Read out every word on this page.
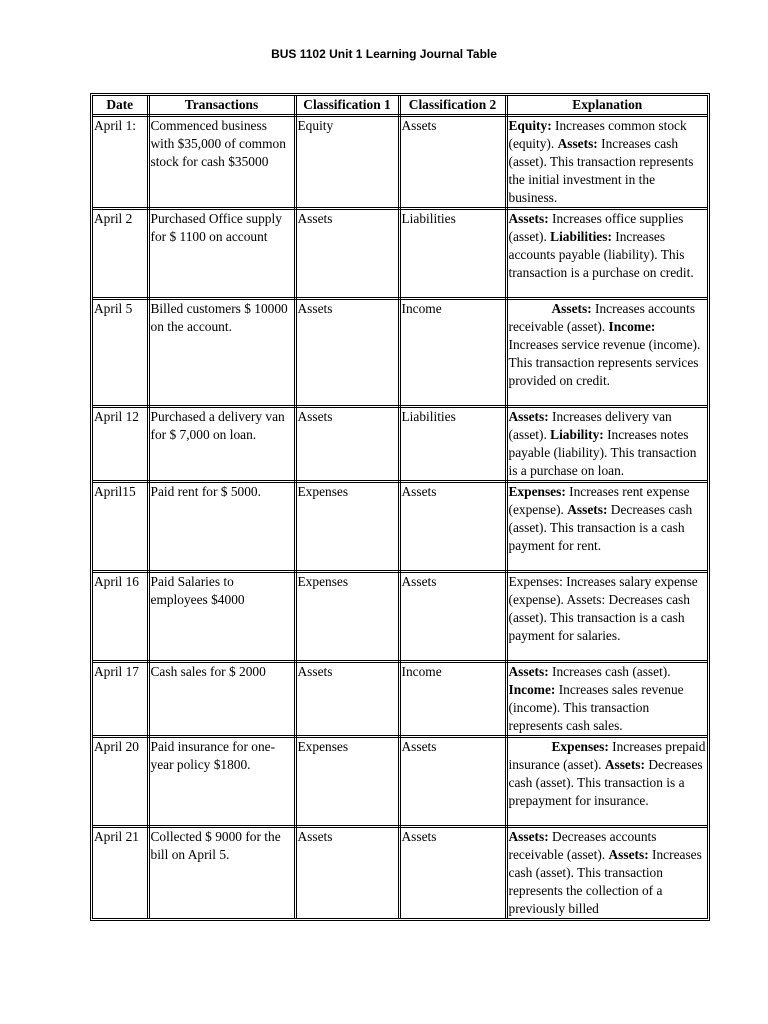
BUS 1102 Unit 1 Learning Journal Table
Date	Transactions	Classification 1	Classification 2	Explanation
April 1:	Commenced business with $35,000 of common stock for cash $35000	Equity	Assets	Equity: Increases common stock (equity). Assets: Increases cash (asset). This transaction represents the initial investment in the business.
April 2	Purchased Office supply for $ 1100 on account	Assets	Liabilities	Assets: Increases office supplies (asset). Liabilities: Increases accounts payable (liability). This transaction is a purchase on credit.
April 5	Billed customers $ 10000 on the account.	Assets	Income	Assets: Increases accounts receivable (asset). Income: Increases service revenue (income). This transaction represents services provided on credit.
April 12	Purchased a delivery van for $ 7,000 on loan.	Assets	Liabilities	Assets: Increases delivery van (asset). Liability: Increases notes payable (liability). This transaction is a purchase on loan.
April15	Paid rent for $ 5000.	Expenses	Assets	Expenses: Increases rent expense (expense). Assets: Decreases cash (asset). This transaction is a cash payment for rent.
April 16	Paid Salaries to employees $4000	Expenses	Assets	Expenses: Increases salary expense (expense). Assets: Decreases cash (asset). This transaction is a cash payment for salaries.
April 17	Cash sales for $ 2000	Assets	Income	Assets: Increases cash (asset). Income: Increases sales revenue (income). This transaction represents cash sales.
April 20	Paid insurance for one-year policy $1800.	Expenses	Assets	Expenses: Increases prepaid insurance (asset). Assets: Decreases cash (asset). This transaction is a prepayment for insurance.
April 21	Collected $ 9000 for the bill on April 5.	Assets	Assets	Assets: Decreases accounts receivable (asset). Assets: Increases cash (asset). This transaction represents the collection of a previously billed
